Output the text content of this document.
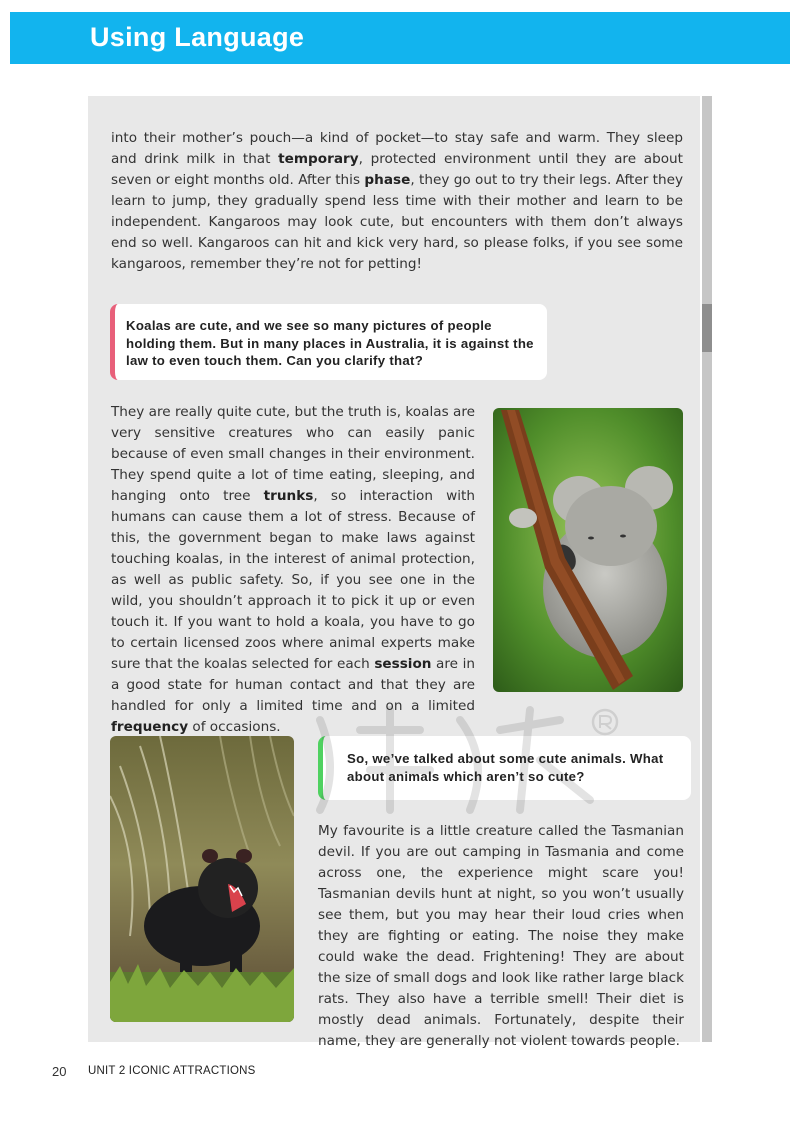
Using Language

into their mother’s pouch—a kind of pocket—to stay safe and warm. They sleep and drink milk in that temporary, protected environment until they are about seven or eight months old. After this phase, they go out to try their legs. After they learn to jump, they gradually spend less time with their mother and learn to be independent. Kangaroos may look cute, but encounters with them don’t always end so well. Kangaroos can hit and kick very hard, so please folks, if you see some kangaroos, remember they’re not for petting!

Koalas are cute, and we see so many pictures of people holding them. But in many places in Australia, it is against the law to even touch them. Can you clarify that?

They are really quite cute, but the truth is, koalas are very sensitive creatures who can easily panic because of even small changes in their environment. They spend quite a lot of time eating, sleeping, and hanging onto tree trunks, so interaction with humans can cause them a lot of stress. Because of this, the government began to make laws against touching koalas, in the interest of animal protection, as well as public safety. So, if you see one in the wild, you shouldn’t approach it to pick it up or even touch it. If you want to hold a koala, you have to go to certain licensed zoos where animal experts make sure that the koalas selected for each session are in a good state for human contact and that they are handled for only a limited time and on a limited frequency of occasions.

So, we’ve talked about some cute animals. What about animals which aren’t so cute?

My favourite is a little creature called the Tasmanian devil. If you are out camping in Tasmania and come across one, the experience might scare you! Tasmanian devils hunt at night, so you won’t usually see them, but you may hear their loud cries when they are fighting or eating. The noise they make could wake the dead. Frightening! They are about the size of small dogs and look like rather large black rats. They also have a terrible smell! Their diet is mostly dead animals. Fortunately, despite their name, they are generally not violent towards people.

20 UNIT 2 ICONIC ATTRACTIONS
